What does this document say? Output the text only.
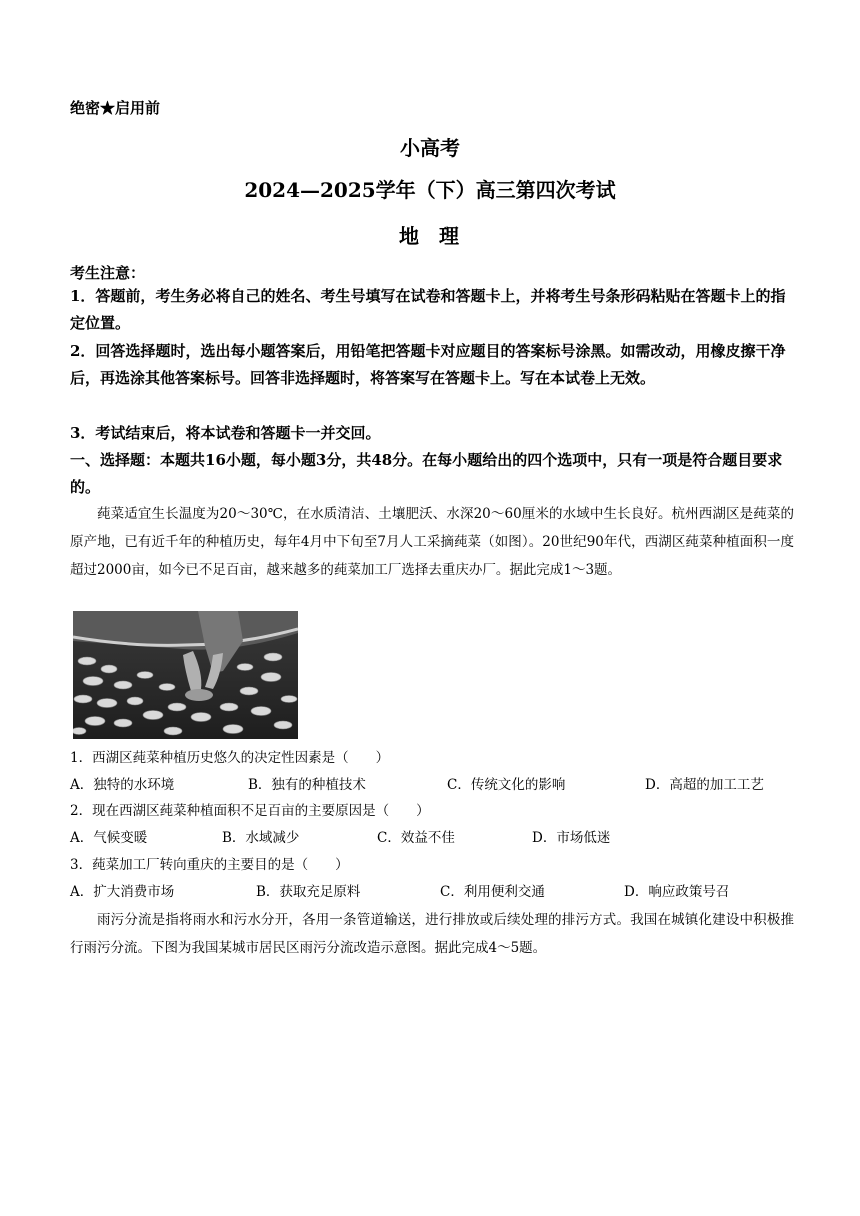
绝密★启用前
小高考
2024—2025学年（下）高三第四次考试
地 理
考生注意：
1．答题前，考生务必将自己的姓名、考生号填写在试卷和答题卡上，并将考生号条形码粘贴在答题卡上的指定位置。
2．回答选择题时，选出每小题答案后，用铅笔把答题卡对应题目的答案标号涂黑。如需改动，用橡皮擦干净后，再选涂其他答案标号。回答非选择题时，将答案写在答题卡上。写在本试卷上无效。
3．考试结束后，将本试卷和答题卡一并交回。
一、选择题：本题共16小题，每小题3分，共48分。在每小题给出的四个选项中，只有一项是符合题目要求的。
莼菜适宜生长温度为20～30℃，在水质清洁、土壤肥沃、水深20～60厘米的水域中生长良好。杭州西湖区是莼菜的原产地，已有近千年的种植历史，每年4月中下旬至7月人工采摘莼菜（如图）。20世纪90年代，西湖区莼菜种植面积一度超过2000亩，如今已不足百亩，越来越多的莼菜加工厂选择去重庆办厂。据此完成1～3题。
1．西湖区莼菜种植历史悠久的决定性因素是（　　）
A．独特的水环境	B．独有的种植技术	C．传统文化的影响	D．高超的加工工艺
2．现在西湖区莼菜种植面积不足百亩的主要原因是（　　）
A．气候变暖	B．水域减少	C．效益不佳	D．市场低迷
3．莼菜加工厂转向重庆的主要目的是（　　）
A．扩大消费市场	B．获取充足原料	C．利用便利交通	D．响应政策号召
雨污分流是指将雨水和污水分开，各用一条管道输送，进行排放或后续处理的排污方式。我国在城镇化建设中积极推行雨污分流。下图为我国某城市居民区雨污分流改造示意图。据此完成4～5题。
